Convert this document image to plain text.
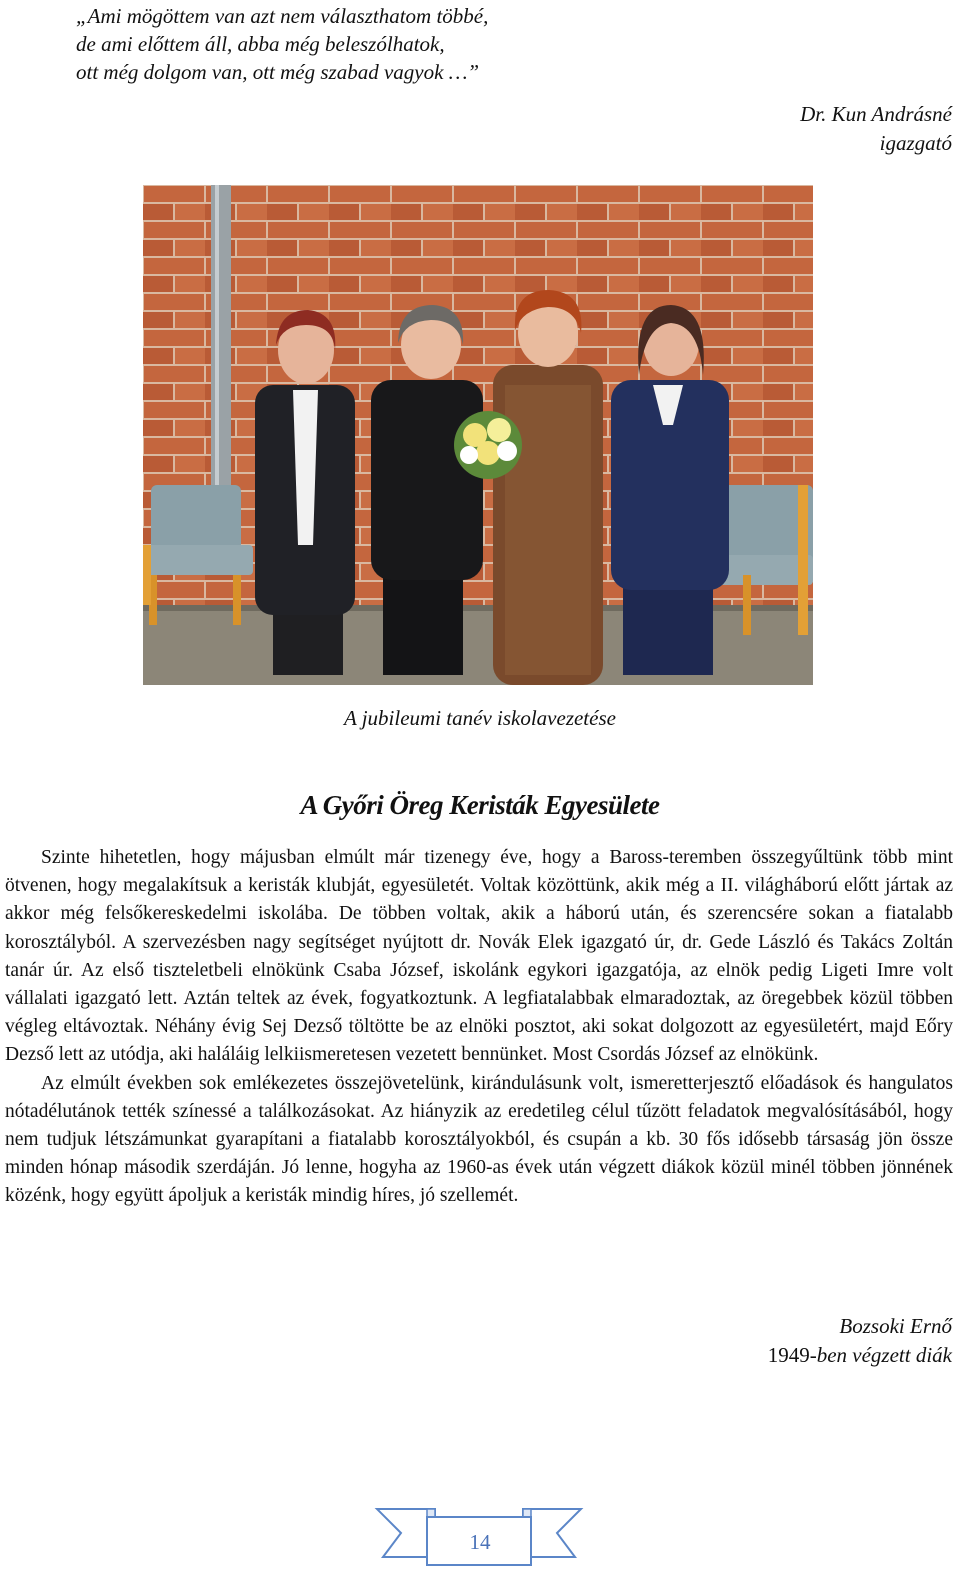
„Ami mögöttem van azt nem választhatom többé,
de ami előttem áll, abba még beleszólhatok,
ott még dolgom van, ott még szabad vagyok …”
Dr. Kun Andrásné
igazgató
A jubileumi tanév iskolavezetése
A Győri Öreg Keristák Egyesülete

Szinte hihetetlen, hogy májusban elmúlt már tizenegy éve, hogy a Baross-teremben összegyűltünk több mint ötvenen, hogy megalakítsuk a keristák klubját, egyesületét. Voltak közöttünk, akik még a II. világháború előtt jártak az akkor még felsőkereskedelmi iskolába. De többen voltak, akik a háború után, és szerencsére sokan a fiatalabb korosztályból. A szervezésben nagy segítséget nyújtott dr. Novák Elek igazgató úr, dr. Gede László és Takács Zoltán tanár úr. Az első tiszteletbeli elnökünk Csaba József, iskolánk egykori igazgatója, az elnök pedig Ligeti Imre volt vállalati igazgató lett. Aztán teltek az évek, fogyatkoztunk. A legfiatalabbak elmaradoztak, az öregebbek közül többen végleg eltávoztak. Néhány évig Sej Dezső töltötte be az elnöki posztot, aki sokat dolgozott az egyesületért, majd Eőry Dezső lett az utódja, aki haláláig lelkiismeretesen vezetett bennünket. Most Csordás József az elnökünk.

Az elmúlt években sok emlékezetes összejövetelünk, kirándulásunk volt, ismeretterjesztő előadások és hangulatos nótadélutánok tették színessé a találkozásokat. Az hiányzik az eredetileg célul tűzött feladatok megvalósításából, hogy nem tudjuk létszámunkat gyarapítani a fiatalabb korosztályokból, és csupán a kb. 30 fős idősebb társaság jön össze minden hónap második szerdáján. Jó lenne, hogyha az 1960-as évek után végzett diákok közül minél többen jönnének közénk, hogy együtt ápoljuk a keristák mindig híres, jó szellemét.

Bozsoki Ernő
1949-ben végzett diák
14
